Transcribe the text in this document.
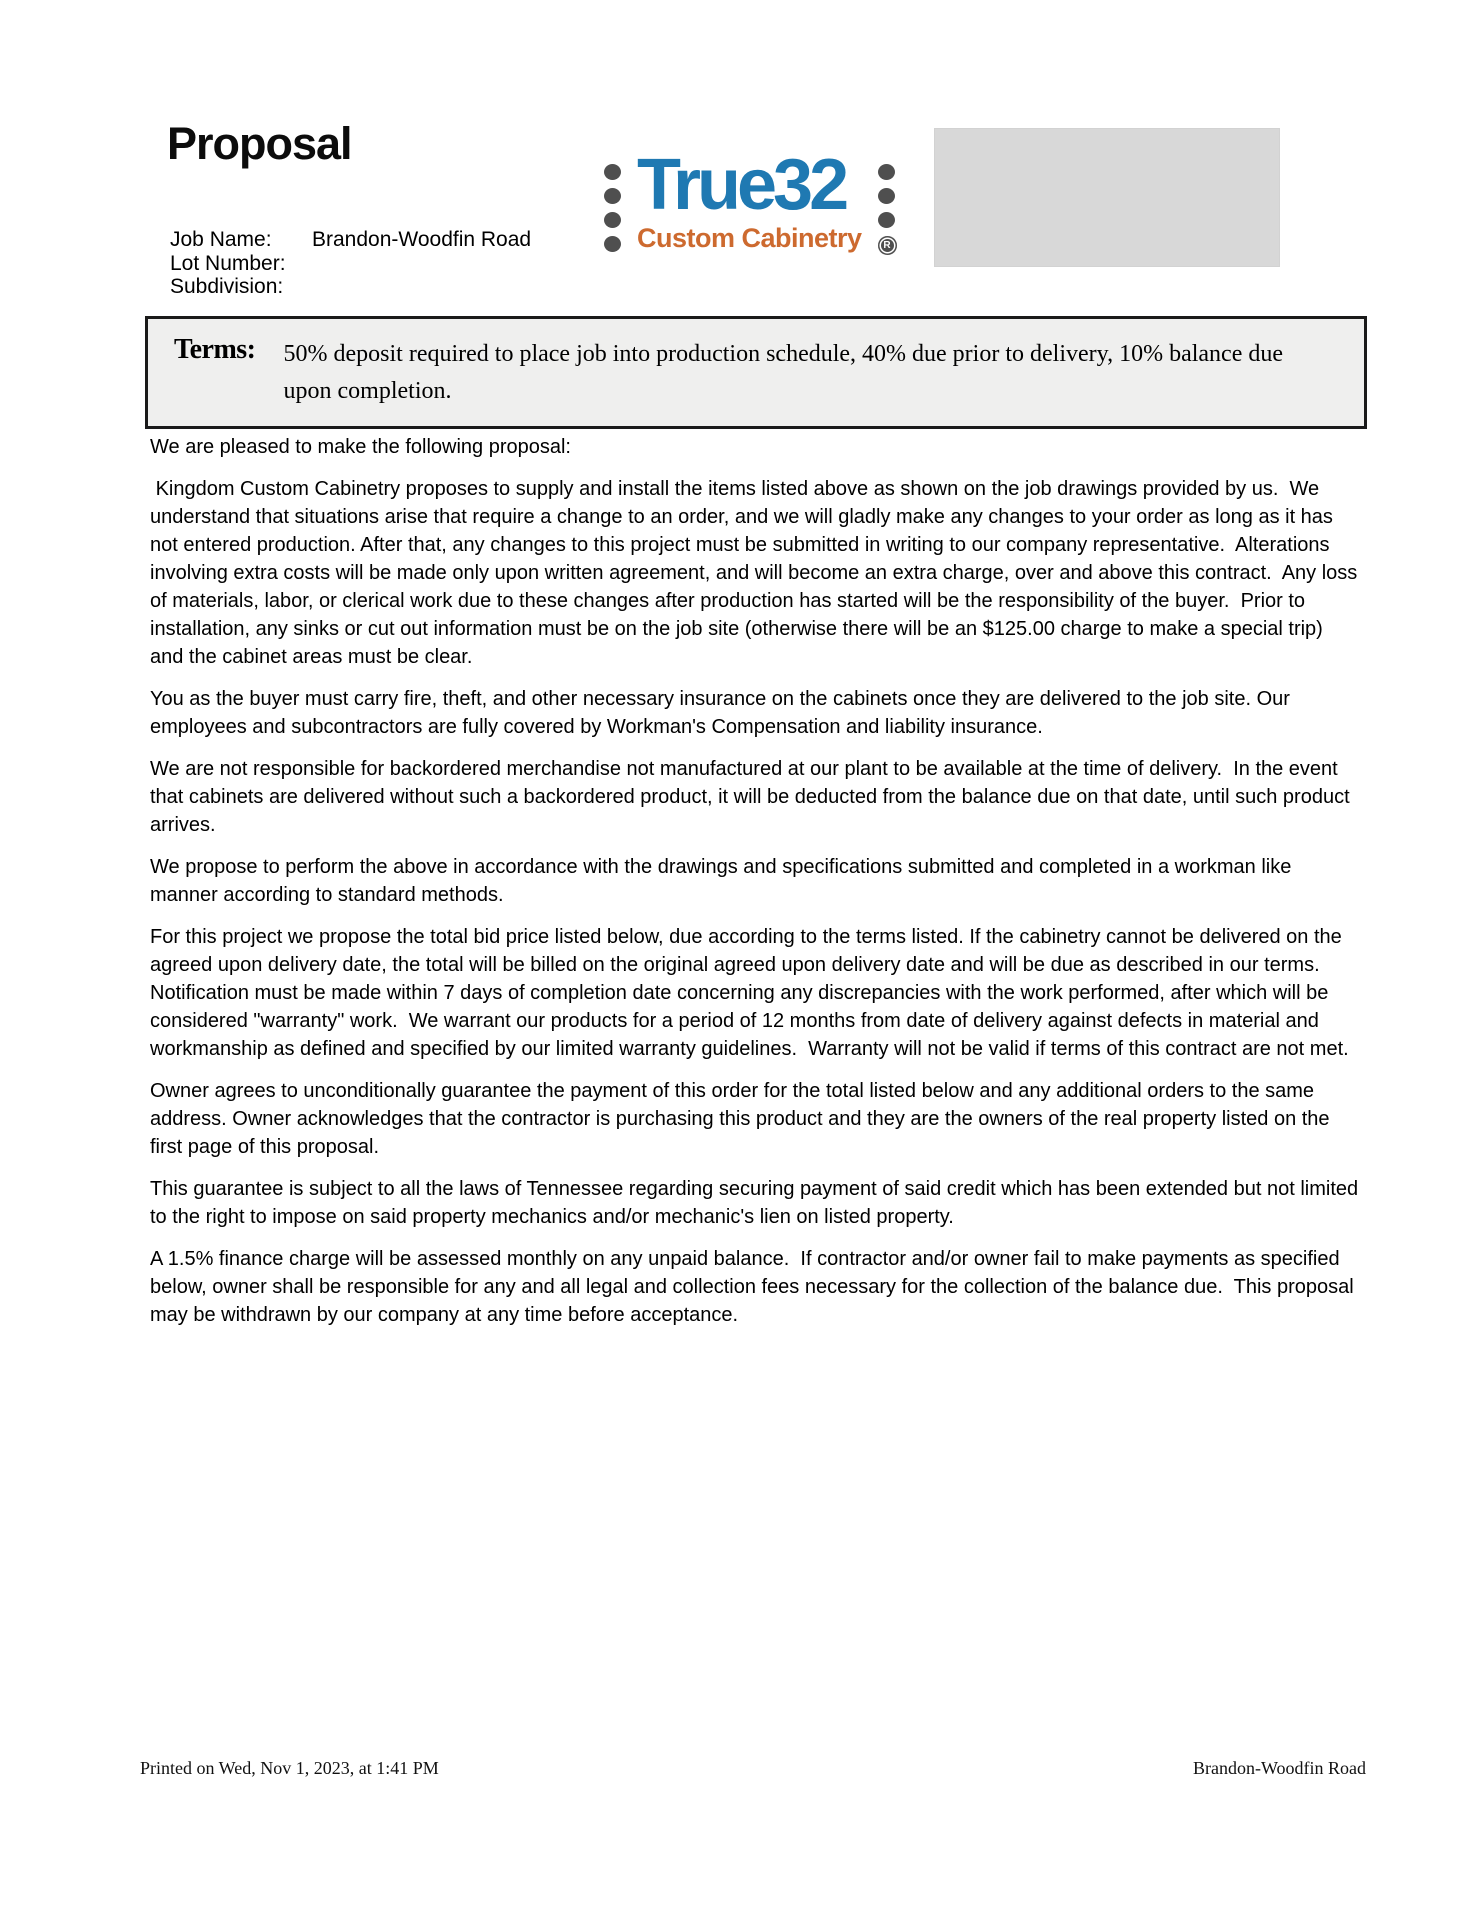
Proposal
True32
Custom Cabinetry	R
Job Name:	Brandon-Woodfin Road
Lot Number:
Subdivision:
Terms: 50% deposit required to place job into production schedule, 40% due prior to delivery, 10% balance due upon completion.

We are pleased to make the following proposal:

Kingdom Custom Cabinetry proposes to supply and install the items listed above as shown on the job drawings provided by us.  We understand that situations arise that require a change to an order, and we will gladly make any changes to your order as long as it has not entered production. After that, any changes to this project must be submitted in writing to our company representative.  Alterations involving extra costs will be made only upon written agreement, and will become an extra charge, over and above this contract.  Any loss of materials, labor, or clerical work due to these changes after production has started will be the responsibility of the buyer.  Prior to installation, any sinks or cut out information must be on the job site (otherwise there will be an $125.00 charge to make a special trip) and the cabinet areas must be clear.

You as the buyer must carry fire, theft, and other necessary insurance on the cabinets once they are delivered to the job site. Our employees and subcontractors are fully covered by Workman's Compensation and liability insurance.

We are not responsible for backordered merchandise not manufactured at our plant to be available at the time of delivery.  In the event that cabinets are delivered without such a backordered product, it will be deducted from the balance due on that date, until such product arrives.

We propose to perform the above in accordance with the drawings and specifications submitted and completed in a workman like manner according to standard methods.

For this project we propose the total bid price listed below, due according to the terms listed. If the cabinetry cannot be delivered on the agreed upon delivery date, the total will be billed on the original agreed upon delivery date and will be due as described in our terms. Notification must be made within 7 days of completion date concerning any discrepancies with the work performed, after which will be considered "warranty" work.  We warrant our products for a period of 12 months from date of delivery against defects in material and workmanship as defined and specified by our limited warranty guidelines.  Warranty will not be valid if terms of this contract are not met.

Owner agrees to unconditionally guarantee the payment of this order for the total listed below and any additional orders to the same address. Owner acknowledges that the contractor is purchasing this product and they are the owners of the real property listed on the first page of this proposal.

This guarantee is subject to all the laws of Tennessee regarding securing payment of said credit which has been extended but not limited to the right to impose on said property mechanics and/or mechanic's lien on listed property.

A 1.5% finance charge will be assessed monthly on any unpaid balance.  If contractor and/or owner fail to make payments as specified below, owner shall be responsible for any and all legal and collection fees necessary for the collection of the balance due.  This proposal may be withdrawn by our company at any time before acceptance.

Printed on Wed, Nov 1, 2023, at 1:41 PM	Brandon-Woodfin Road
